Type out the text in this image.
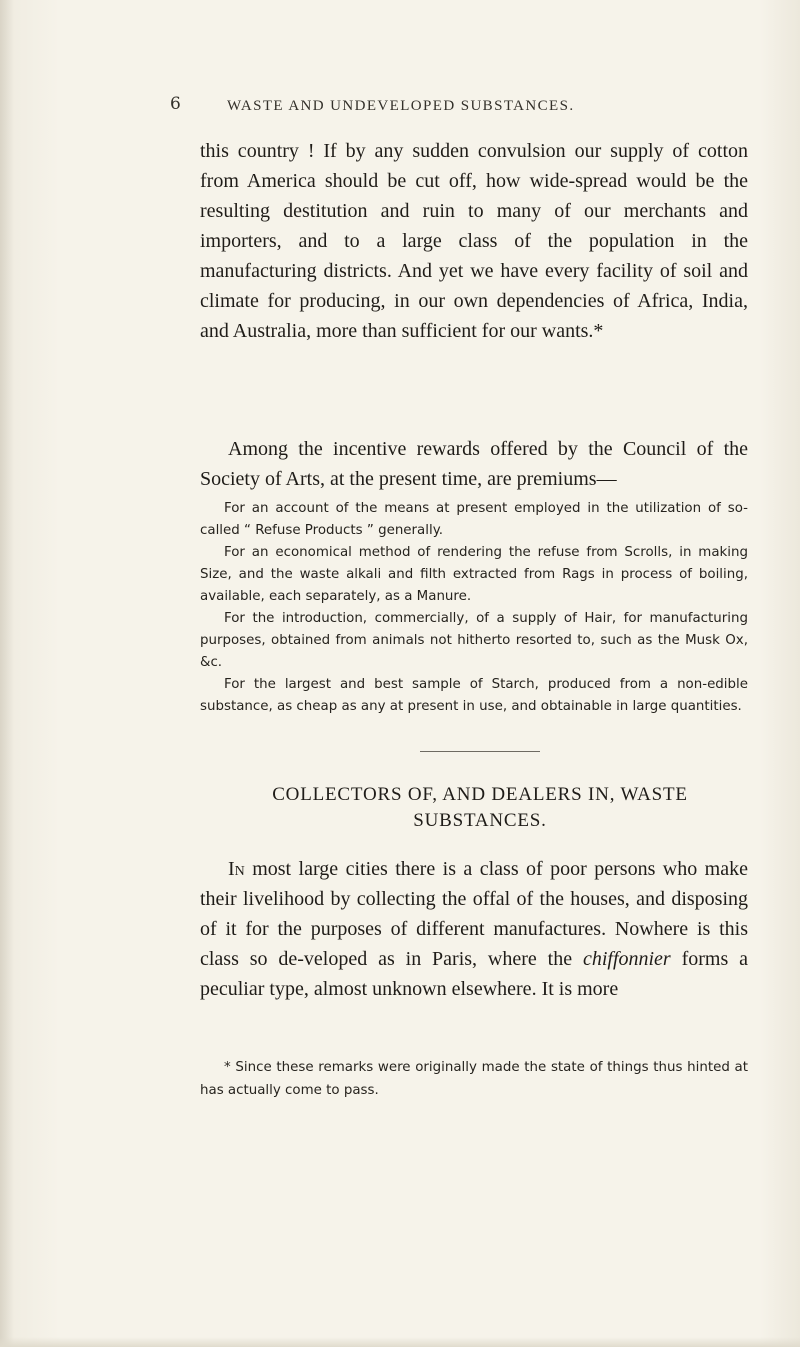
6	WASTE AND UNDEVELOPED SUBSTANCES.

this country ! If by any sudden convulsion our supply of cotton from America should be cut off, how wide-spread would be the resulting destitution and ruin to many of our merchants and importers, and to a large class of the population in the manufacturing districts. And yet we have every facility of soil and climate for producing, in our own dependencies of Africa, India, and Australia, more than sufficient for our wants.*

Among the incentive rewards offered by the Council of the Society of Arts, at the present time, are premiums—

For an account of the means at present employed in the utilization of so-called “ Refuse Products ” generally.

For an economical method of rendering the refuse from Scrolls, in making Size, and the waste alkali and filth extracted from Rags in process of boiling, available, each separately, as a Manure.

For the introduction, commercially, of a supply of Hair, for manufacturing purposes, obtained from animals not hitherto resorted to, such as the Musk Ox, &c.

For the largest and best sample of Starch, produced from a non-edible substance, as cheap as any at present in use, and obtainable in large quantities.

COLLECTORS OF, AND DEALERS IN, WASTE SUBSTANCES.

In most large cities there is a class of poor persons who make their livelihood by collecting the offal of the houses, and disposing of it for the purposes of different manufactures. Nowhere is this class so de-veloped as in Paris, where the chiffonnier forms a peculiar type, almost unknown elsewhere. It is more

* Since these remarks were originally made the state of things thus hinted at has actually come to pass.
